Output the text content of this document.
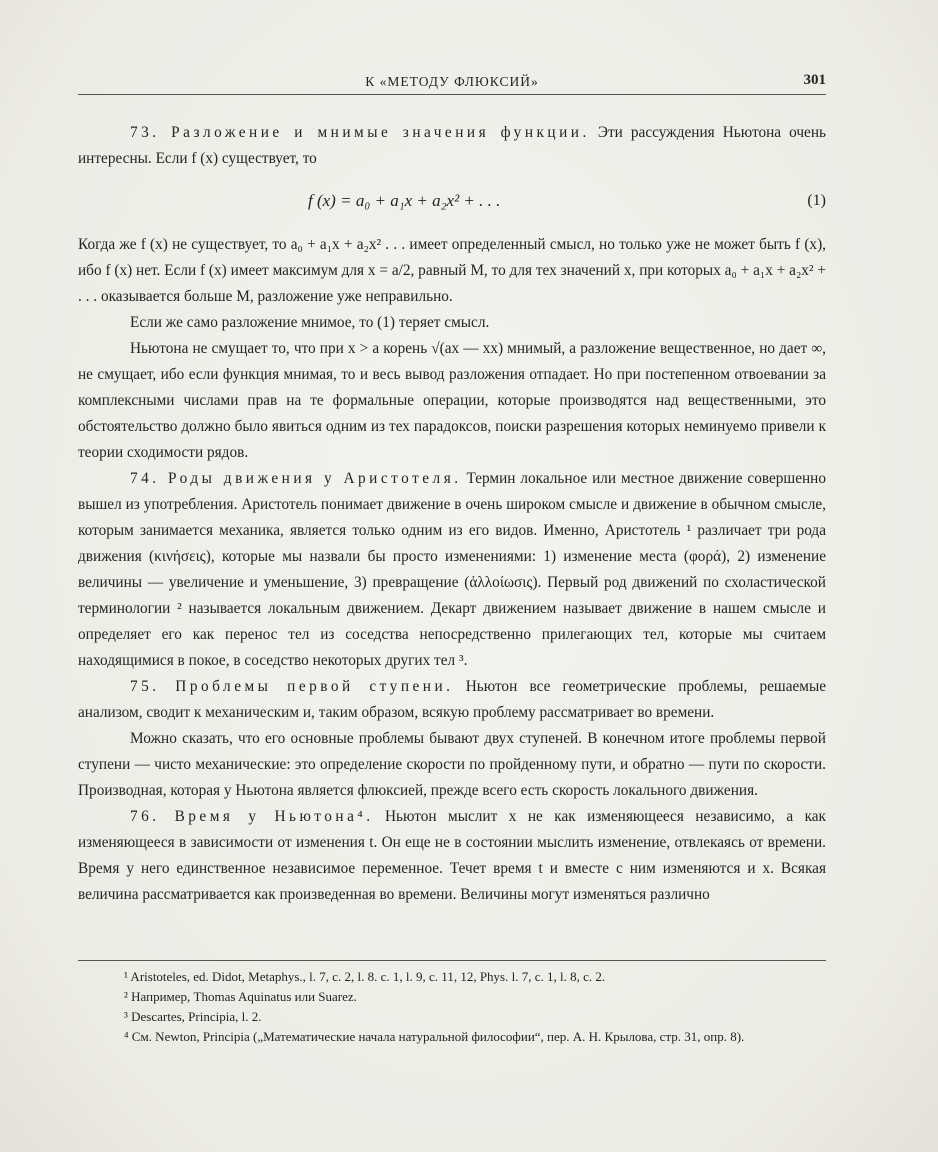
К «МЕТОДУ ФЛЮКСИЙ»	301

73. Разложение и мнимые значения функции. Эти рассуждения Ньютона очень интересны. Если f (x) существует, то

f (x) = a₀ + a₁x + a₂x² + . . .	(1)

Когда же f (x) не существует, то a₀ + a₁x + a₂x² . . . имеет определенный смысл, но только уже не может быть f (x), ибо f (x) нет. Если f (x) имеет максимум для x = a/2, равный M, то для тех значений x, при которых a₀ + a₁x + a₂x² + . . . оказывается больше M, разложение уже неправильно.

Если же само разложение мнимое, то (1) теряет смысл.

Ньютона не смущает то, что при x > a корень √(ax — xx) мнимый, а разложение вещественное, но дает ∞, не смущает, ибо если функция мнимая, то и весь вывод разложения отпадает. Но при постепенном отвоевании за комплексными числами прав на те формальные операции, которые производятся над вещественными, это обстоятельство должно было явиться одним из тех парадоксов, поиски разрешения которых неминуемо привели к теории сходимости рядов.

74. Роды движения у Аристотеля. Термин локальное или местное движение совершенно вышел из употребления. Аристотель понимает движение в очень широком смысле и движение в обычном смысле, которым занимается механика, является только одним из его видов. Именно, Аристотель ¹ различает три рода движения (κινήσεις), которые мы назвали бы просто изменениями: 1) изменение места (φορά), 2) изменение величины — увеличение и уменьшение, 3) превращение (ἀλλοίωσις). Первый род движений по схоластической терминологии ² называется локальным движением. Декарт движением называет движение в нашем смысле и определяет его как перенос тел из соседства непосредственно прилегающих тел, которые мы считаем находящимися в покое, в соседство некоторых других тел ³.

75. Проблемы первой ступени. Ньютон все геометрические проблемы, решаемые анализом, сводит к механическим и, таким образом, всякую проблему рассматривает во времени.

Можно сказать, что его основные проблемы бывают двух ступеней. В конечном итоге проблемы первой ступени — чисто механические: это определение скорости по пройденному пути, и обратно — пути по скорости. Производная, которая у Ньютона является флюксией, прежде всего есть скорость локального движения.

76. Время у Ньютона⁴. Ньютон мыслит x не как изменяющееся независимо, а как изменяющееся в зависимости от изменения t. Он еще не в состоянии мыслить изменение, отвлекаясь от времени. Время у него единственное независимое переменное. Течет время t и вместе с ним изменяются и x. Всякая величина рассматривается как произведенная во времени. Величины могут изменяться различно

¹ Aristoteles, ed. Didot, Metaphys., l. 7, c. 2, l. 8. c. 1, l. 9, c. 11, 12, Phys. l. 7, c. 1, l. 8, c. 2.

² Например, Thomas Aquinatus или Suarez.

³ Descartes, Principia, l. 2.

⁴ См. Newton, Principia („Математические начала натуральной философии“, пер. А. Н. Крылова, стр. 31, опр. 8).
